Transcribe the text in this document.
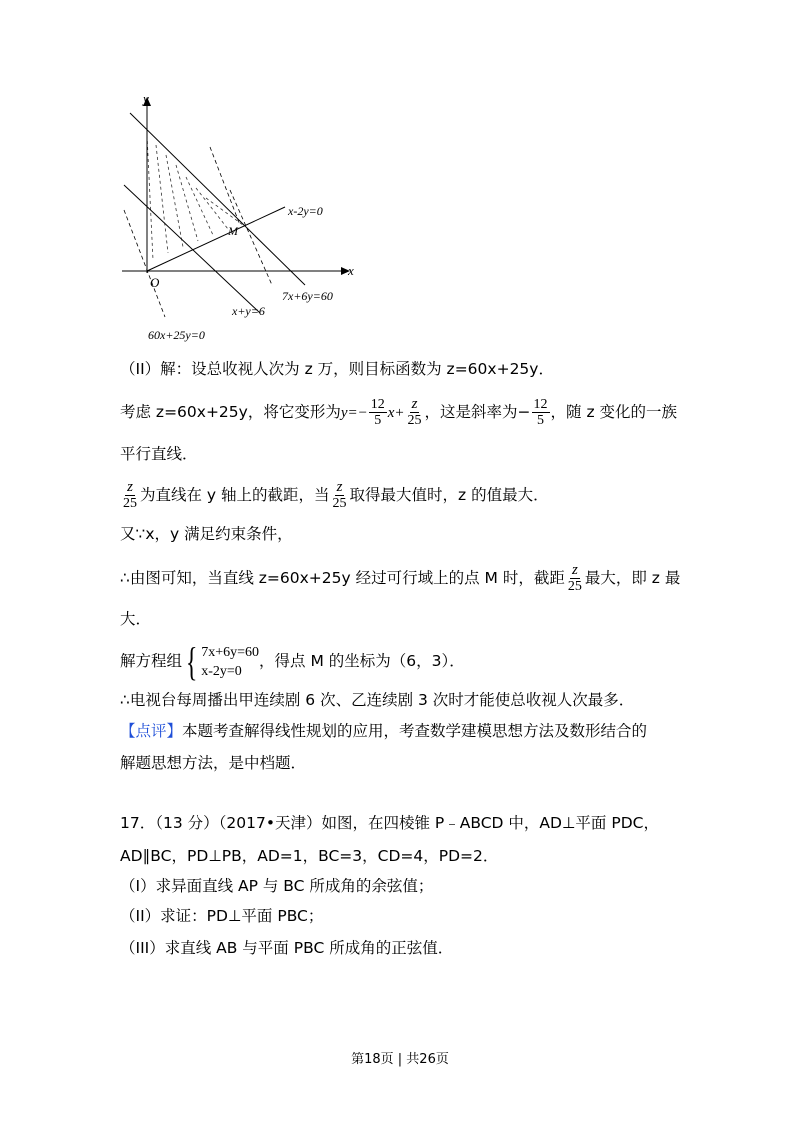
y
x
O
M
x-2y=0
7x+6y=60
x+y=6
60x+25y=0
（II）解：设总收视人次为 z 万，则目标函数为 z=60x+25y．
考虑 z=60x+25y，将它变形为$y=- \frac{12}{5} x+ \frac{z}{25}$ ，这是斜率为− $\frac{12}{5}$ ，随 z 变化的一族
平行直线．
$\frac{z}{25}$ 为直线在 y 轴上的截距，当 $\frac{z}{25}$ 取得最大值时，z 的值最大．
又∵x，y 满足约束条件，
∴由图可知，当直线 z=60x+25y 经过可行域上的点 M 时，截距 $\frac{z}{25}$ 最大，即 z 最
大．
解方程组 { 7x+6y=60
x-2y=0
，得点 M 的坐标为（6，3）．
∴电视台每周播出甲连续剧 6 次、乙连续剧 3 次时才能使总收视人次最多．
【点评】本题考查解得线性规划的应用，考查数学建模思想方法及数形结合的
解题思想方法，是中档题．
17．（13 分）（2017•天津）如图，在四棱锥 P﹣ABCD 中，AD⊥平面 PDC，
AD∥BC，PD⊥PB，AD=1，BC=3，CD=4，PD=2．
（I）求异面直线 AP 与 BC 所成角的余弦值；
（II）求证：PD⊥平面 PBC；
（III）求直线 AB 与平面 PBC 所成角的正弦值．
第18页 | 共26页
